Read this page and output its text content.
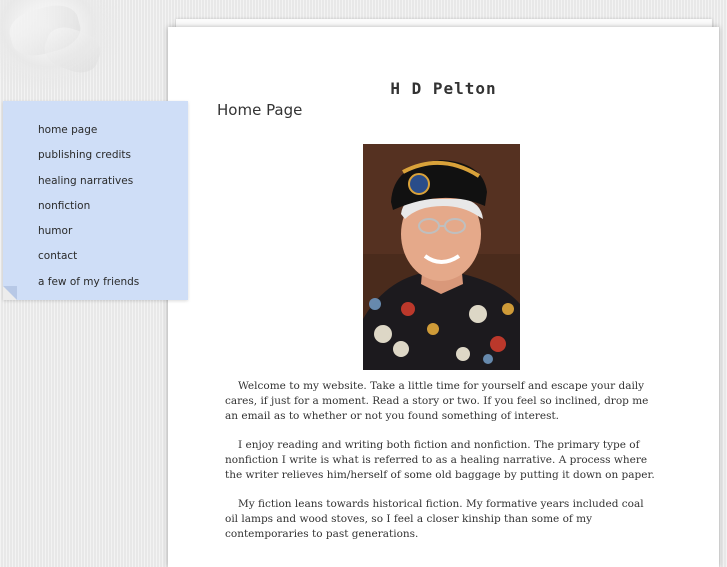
H D Pelton
Home Page

Welcome to my website. Take a little time for yourself and escape your daily cares, if just for a moment. Read a story or two. If you feel so inclined, drop me an email as to whether or not you found something of interest.

I enjoy reading and writing both fiction and nonfiction. The primary type of nonfiction I write is what is referred to as a healing narrative. A process where the writer relieves him/herself of some old baggage by putting it down on paper.

My fiction leans towards historical fiction. My formative years included coal oil lamps and wood stoves, so I feel a closer kinship than some of my contemporaries to past generations.

home page
publishing credits
healing narratives
nonfiction
humor
contact
a few of my friends
